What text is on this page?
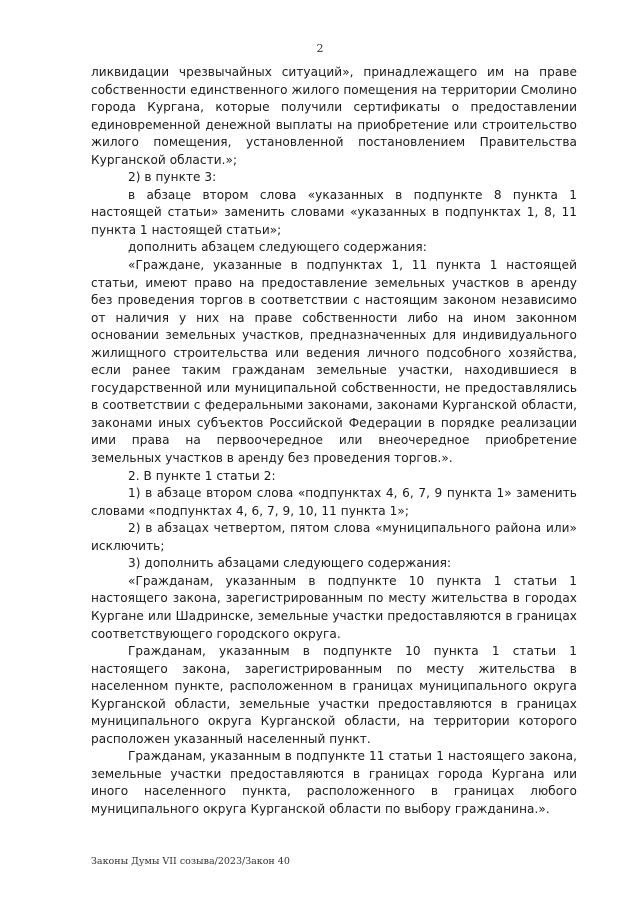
2

ликвидации чрезвычайных ситуаций», принадлежащего им на праве собственности единственного жилого помещения на территории Смолино города Кургана, которые получили сертификаты о предоставлении единовременной денежной выплаты на приобретение или строительство жилого помещения, установленной постановлением Правительства Курганской области.»;

2) в пункте 3:

в абзаце втором слова «указанных в подпункте 8 пункта 1 настоящей статьи» заменить словами «указанных в подпунктах 1, 8, 11 пункта 1 настоящей статьи»;

дополнить абзацем следующего содержания:

«Граждане, указанные в подпунктах 1, 11 пункта 1 настоящей статьи, имеют право на предоставление земельных участков в аренду без проведения торгов в соответствии с настоящим законом независимо от наличия у них на праве собственности либо на ином законном основании земельных участков, предназначенных для индивидуального жилищного строительства или ведения личного подсобного хозяйства, если ранее таким гражданам земельные участки, находившиеся в государственной или муниципальной собственности, не предоставлялись в соответствии с федеральными законами, законами Курганской области, законами иных субъектов Российской Федерации в порядке реализации ими права на первоочередное или внеочередное приобретение земельных участков в аренду без проведения торгов.».

2. В пункте 1 статьи 2:

1) в абзаце втором слова «подпунктах 4, 6, 7, 9 пункта 1» заменить словами «подпунктах 4, 6, 7, 9, 10, 11 пункта 1»;

2) в абзацах четвертом, пятом слова «муниципального района или» исключить;

3) дополнить абзацами следующего содержания:

«Гражданам, указанным в подпункте 10 пункта 1 статьи 1 настоящего закона, зарегистрированным по месту жительства в городах Кургане или Шадринске, земельные участки предоставляются в границах соответствующего городского округа.

Гражданам, указанным в подпункте 10 пункта 1 статьи 1 настоящего закона, зарегистрированным по месту жительства в населенном пункте, расположенном в границах муниципального округа Курганской области, земельные участки предоставляются в границах муниципального округа Курганской области, на территории которого расположен указанный населенный пункт.

Гражданам, указанным в подпункте 11 статьи 1 настоящего закона, земельные участки предоставляются в границах города Кургана или иного населенного пункта, расположенного в границах любого муниципального округа Курганской области по выбору гражданина.».

Законы Думы VII созыва/2023/Закон 40
